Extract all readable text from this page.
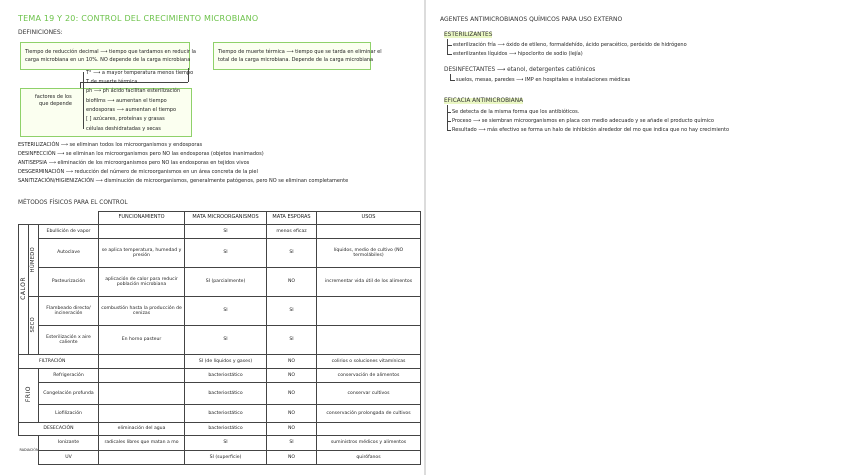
TEMA 19 Y 20: CONTROL DEL CRECIMIENTO MICROBIANO
DEFINICIONES:
Tiempo de reducción decimal ⟶ tiempo que tardamos en reducir la
carga microbiana en un 10%. NO depende de la carga microbiana
Tiempo de muerte térmica ⟶ tiempo que se tarda en eliminar el
total de la carga microbiana. Depende de la carga microbiana
factores de los
que depende
T° ⟶ a mayor temperatura menos tiempo
T de muerte térmica
ph ⟶ ph ácido facilitan esterilización
biofilms ⟶ aumentan el tiempo
endosporas ⟶ aumentan el tiempo
[ ] azúcares, proteínas y grasas
células deshidratadas y secas
ESTERILIZACIÓN ⟶ se eliminan todos los microorganismos y endosporas
DESINFECCIÓN ⟶ se eliminan los microorganismos pero NO las endosporas (objetos inanimados)
ANTISEPSIA ⟶ eliminación de los microorganismos pero NO las endosporas en tejidos vivos
DESGERMINACIÓN ⟶ reducción del número de microorganismos en un área concreta de la piel
SANITIZACIÓN/HIGIENIZACIÓN ⟶ disminución de microorganismos, generalmente patógenos, pero NO se eliminan completamente
MÉTODOS FÍSICOS PARA EL CONTROL
			FUNCIONAMIENTO	MATA MICROORGANISMOS	MATA ESPORAS	USOS
CALOR	HÚMEDO	Ebullición de vapor		SI	menos eficaz	
		Autoclave	se aplica temperatura, humedad y presión	SI	SI	líquidos, medio de cultivo (NO termolábiles)
		Pasteurización	aplicación de calor para reducir población microbiana	SI (parcialmente)	NO	incrementar vida útil de los alimentos
	SECO	Flambeado directo/ incineración	combustión hasta la producción de cenizas	SI	SI	
		Esterilización x aire caliente	En horno pasteur	SI	SI	
FILTRACIÓN				SI (de líquidos y gases)	NO	colirios o soluciones vitamínicas
FRIO		Refrigeración		bacteriostático	NO	conservación de alimentos
		Congelación profunda		bacteriostático	NO	conservar cultivos
		Liofilización		bacteriostático	NO	conservación prolongada de cultivos
DESECACIÓN			eliminación del agua	bacteriostático	NO	
RADIACIÓN		Ionizante	radicales libres que matan a mo	SI	SI	suministros médicos y alimentos
		UV		SI (superficie)	NO	quirófanos
AGENTES ANTIMICROBIANOS QUÍMICOS PARA USO EXTERNO
ESTERILIZANTES
esterilización fría ⟶ óxido de etileno, formaldehído, ácido peracético, peróxido de hidrógeno
esterilizantes líquidos ⟶ hipoclorito de sodio (lejía)
DESINFECTANTES ⟶ etanol, detergentes catiónicos
suelos, mesas, paredes ⟶ IMP en hospitales e instalaciones médicas
EFICACIA ANTIMICROBIANA
Se detecta de la misma forma que los antibióticos.
Proceso ⟶ se siembran microorganismos en placa con medio adecuado y se añade el producto químico
Resultado ⟶ más efectivo se forma un halo de inhibición alrededor del mo que indica que no hay crecimiento
